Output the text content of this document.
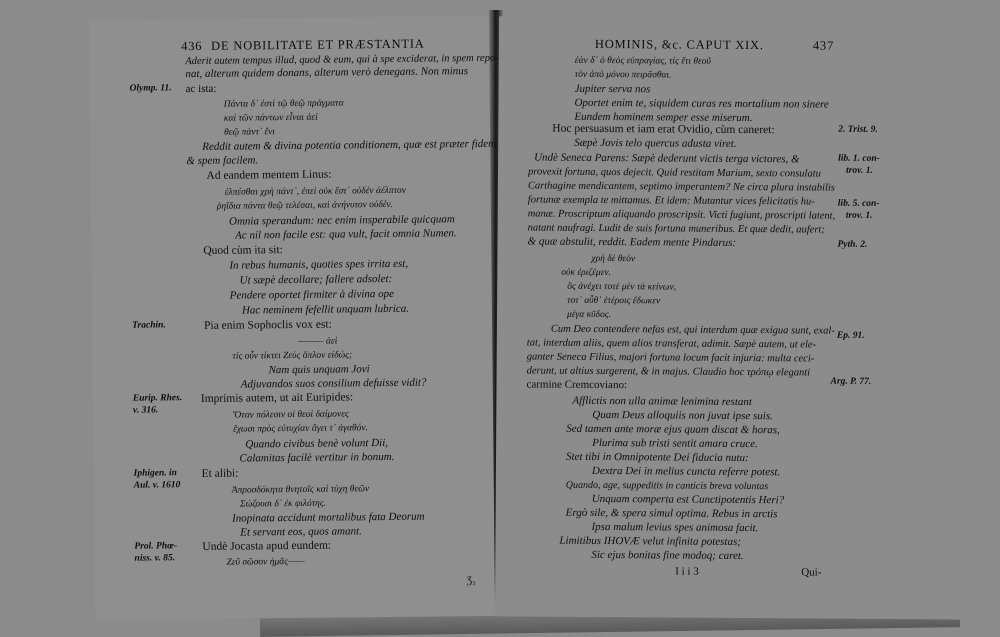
436 DE NOBILITATE ET PRÆSTANTIA
Aderit autem tempus illud, quod & eum, qui à spe exciderat, in spem repo-
nat, alterum quidem donans, alterum verò denegans. Non minus
ac ista:
Πάντα δ᾽ ἐστὶ τῷ θεῷ πράγματα
καὶ τῶν πάντων εἶναι ἀεί
θεῷ πάντ᾽ ἔνι
Reddit autem & divina potentia conditionem, quæ est præter fidem
& spem facilem.
Ad eandem mentem Linus:
ἐλπέσθαι χρὴ πάντ᾽, ἐπεὶ οὐκ ἔστ᾽ οὐδὲν ἀέλπτον
ῥηΐδια πάντα θεῷ τελέσαι, καὶ ἀνήνυτον οὐδέν.
Omnia sperandum: nec enim insperabile quicquam
Ac nil non facile est: qua vult, facit omnia Numen.
Quod cùm ita sit:
In rebus humanis, quoties spes irrita est,
Ut sæpè decollare; fallere adsolet:
Pendere oportet firmiter à divina ope
Hac neminem fefellit unquam lubrica.
Pia enim Sophoclis vox est:
——— ἀεὶ
τίς οὖν τίκτει Ζεὺς ὅπλον εἰδώς;
Nam quis unquam Jovi
Adjuvandos suos consilium defuisse vidit?
Imprimis autem, ut ait Euripides:
Ὅταν πόλεσιν οἱ θεοὶ δαίμονες
ἔχωσι πρὸς εὐτυχίαν ἄγει τ᾽ ἀγαθόν.
Quando civibus benè volunt Dii,
Calamitas facilè vertitur in bonum.
Et alibi:
Ἀπροσδόκητα θνητοῖς καὶ τύχη θεῶν
Σώζουσι δ᾽ ἐκ φιλότης.
Inopinata accidunt mortalibus fata Deorum
Et servant eos, quos amant.
Undè Jocasta apud eundem:
Ζεῦ σῶσον ἡμᾶς——
Olymp. 11.
Trachin.
Eurip. Rhes.
v. 316.
Iphigen. in
Aul. v. 1610
Prol. Phœ-
niss. v. 85.
Ʒ₃
HOMINIS, &c. CAPUT XIX.	437
ἐὰν δ᾽ ὁ θεὸς εὐπραγίας, τίς ἔτι θεοῦ
τὸν ἀπὸ μόνου πειρᾶσθαι.
Jupiter serva nos
Oportet enim te, siquidem curas res mortalium non sinere
Eundem hominem semper esse miserum.
Hoc persuasum et iam erat Ovidio, cùm caneret:
Sæpè Jovis telo quercus adusta viret.
Undè Seneca Parens: Sæpè dederunt victis terga victores, &
provexit fortuna, quos dejecit. Quid restitam Marium, sexto consulatu
Carthagine mendicantem, septimo imperantem? Ne circa plura instabilis
fortunæ exempla te mittamus. Et idem: Mutantur vices felicitatis hu-
manæ. Proscriptum aliquando proscripsit. Victi fugiunt, proscripti latent,
natant naufragi. Ludit de suis fortuna muneribus. Et quæ dedit, aufert;
& quæ abstulit, reddit. Eadem mente Pindarus:
χρὴ δὲ θεὸν
οὐκ ἐριζέμεν.
ὃς ἀνέχει τοτὲ μὲν τὰ κείνων,
τοτ᾽ αὖθ᾽ ἑτέροις ἔδωκεν
μέγα κῦδος.
Cum Deo contendere nefas est, qui interdum quæ exigua sunt, exal-
tat, interdum aliis, quem alios transferat, adimit. Sæpè autem, ut ele-
ganter Seneca Filius, majori fortuna locum facit injuria: multa ceci-
derunt, ut altius surgerent, & in majus. Claudio hoc τρόπῳ eleganti
carmine Cremcoviano:
Afflictis non ulla animæ lenimina restant
Quam Deus alloquiis non juvat ipse suis.
Sed tamen ante moræ ejus quam discat & horas,
Plurima sub tristi sentit amara cruce.
Stet tibi in Omnipotente Dei fiducia nutu:
Dextra Dei in melius cuncta referre potest.
Quando, age, suppeditis in canticis breva voluntas
Unquam comperta est Cunctipotentis Heri?
Ergò sile, & spera simul optima. Rebus in arctis
Ipsa malum levius spes animosa facit.
Limitibus IHOVÆ velut infinita potestas;
Sic ejus bonitas fine modoq; caret.
2. Trist. 9.
lib. 1. con-
trov. 1.
lib. 5. con-
trov. 1.
Pyth. 2.
Ep. 91.
Arg. P. 77.
I i i 3	Qui-
